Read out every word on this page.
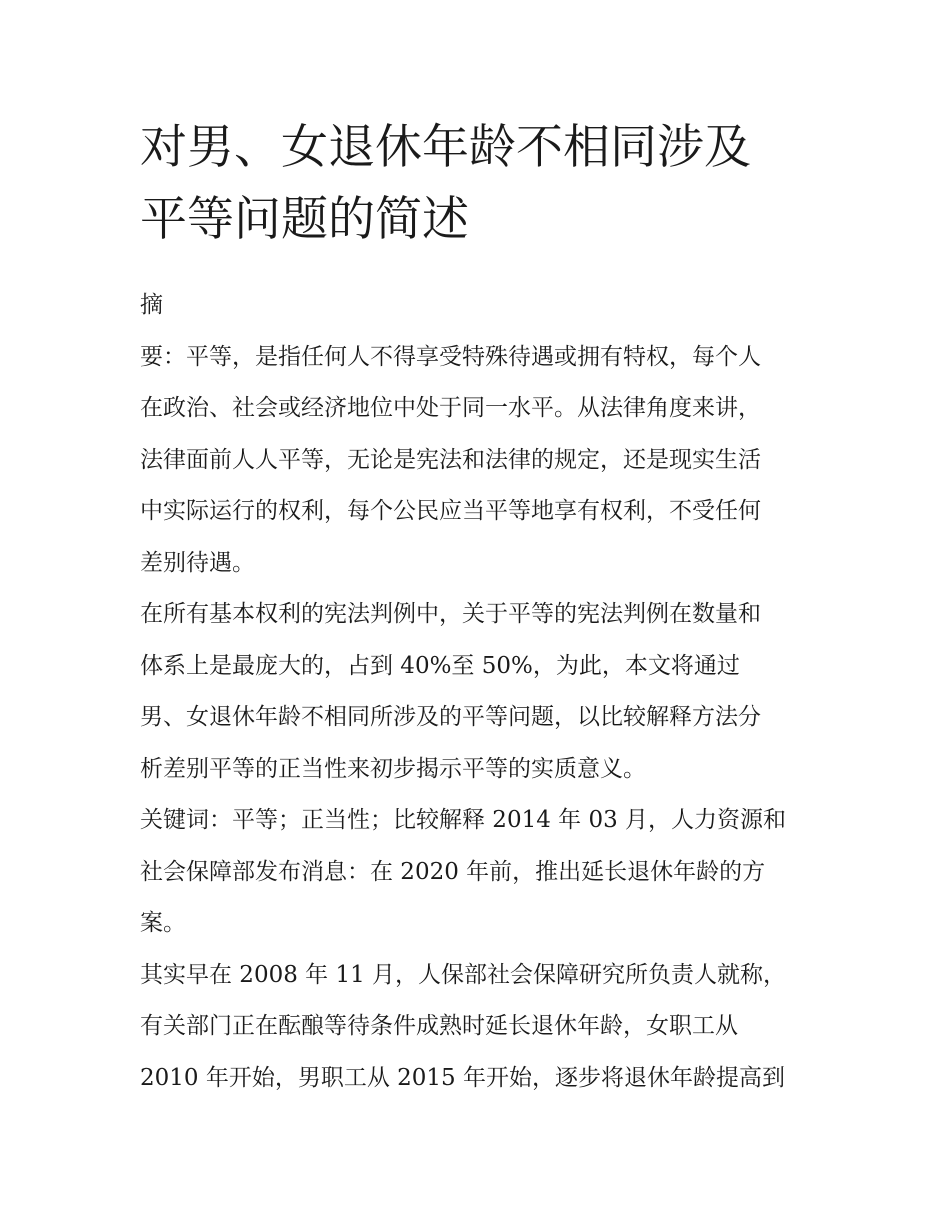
对男、女退休年龄不相同涉及
平等问题的简述

摘
要：平等，是指任何人不得享受特殊待遇或拥有特权，每个人
在政治、社会或经济地位中处于同一水平。从法律角度来讲，
法律面前人人平等，无论是宪法和法律的规定，还是现实生活
中实际运行的权利，每个公民应当平等地享有权利，不受任何
差别待遇。

在所有基本权利的宪法判例中，关于平等的宪法判例在数量和
体系上是最庞大的，占到 40%至 50%，为此，本文将通过
男、女退休年龄不相同所涉及的平等问题，以比较解释方法分
析差别平等的正当性来初步揭示平等的实质意义。

关键词：平等；正当性；比较解释 2014 年 03 月，人力资源和
社会保障部发布消息：在 2020 年前，推出延长退休年龄的方
案。

其实早在 2008 年 11 月，人保部社会保障研究所负责人就称，
有关部门正在酝酿等待条件成熟时延长退休年龄，女职工从
2010 年开始，男职工从 2015 年开始，逐步将退休年龄提高到
